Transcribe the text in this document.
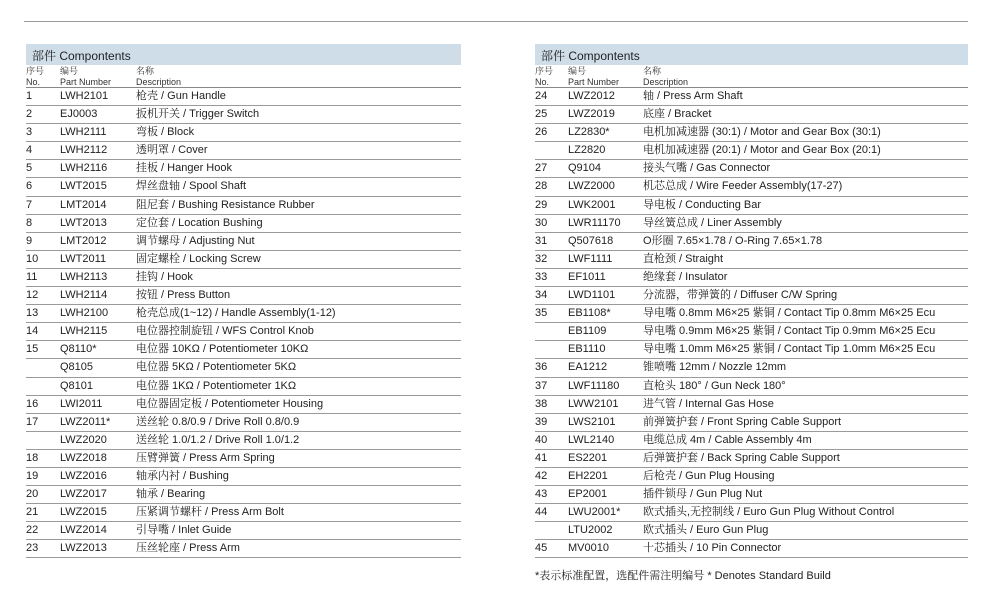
部件 Compontents
序号
No.
编号
Part Number
名称
Description
1	LWH2101	枪壳 / Gun Handle
2	EJ0003	扳机开关 / Trigger Switch
3	LWH2111	弯板 / Block
4	LWH2112	透明罩 / Cover
5	LWH2116	挂板 / Hanger Hook
6	LWT2015	焊丝盘轴 / Spool Shaft
7	LMT2014	阻尼套 / Bushing Resistance Rubber
8	LWT2013	定位套 / Location Bushing
9	LMT2012	调节螺母 / Adjusting Nut
10 LWT2011	固定螺栓 / Locking Screw
11 LWH2113	挂钩 / Hook
12 LWH2114	按钮 / Press Button
13 LWH2100	枪壳总成(1~12) / Handle Assembly(1-12)
14 LWH2115	电位器控制旋钮 / WFS Control Knob
15 Q8110*	电位器 10KΩ / Potentiometer 10KΩ
Q8105	电位器 5KΩ / Potentiometer 5KΩ
Q8101	电位器 1KΩ / Potentiometer 1KΩ
16 LWI2011	电位器固定板 / Potentiometer Housing
17 LWZ2011* 送丝轮 0.8/0.9 / Drive Roll 0.8/0.9
LWZ2020	送丝轮 1.0/1.2 / Drive Roll 1.0/1.2
18 LWZ2018	压臂弹簧 / Press Arm Spring
19 LWZ2016	轴承内衬 / Bushing
20 LWZ2017	轴承 / Bearing
21 LWZ2015	压紧调节螺杆 / Press Arm Bolt
22 LWZ2014	引导嘴 / Inlet Guide
23 LWZ2013	压丝轮座 / Press Arm
部件 Compontents
序号
No.
编号
Part Number
名称
Description
24 LWZ2012	轴 / Press Arm Shaft
25 LWZ2019	底座 / Bracket
26 LZ2830*	电机加减速器 (30:1) / Motor and Gear Box (30:1)
LZ2820	电机加减速器 (20:1) / Motor and Gear Box (20:1)
27 Q9104	接头气嘴 / Gas Connector
28 LWZ2000	机芯总成 / Wire Feeder Assembly(17-27)
29 LWK2001	导电板 / Conducting Bar
30 LWR11170 导丝簧总成 / Liner Assembly
31 Q507618	O形圈 7.65×1.78 / O-Ring 7.65×1.78
32 LWF1111	直枪颈 / Straight
33 EF1011	绝缘套 / Insulator
34 LWD1101	分流器，带弹簧的 / Diffuser C/W Spring
35 EB1108*	导电嘴 0.8mm M6×25 紫铜 / Contact Tip 0.8mm M6×25 Ecu
EB1109	导电嘴 0.9mm M6×25 紫铜 / Contact Tip 0.9mm M6×25 Ecu
EB1110	导电嘴 1.0mm M6×25 紫铜 / Contact Tip 1.0mm M6×25 Ecu
36 EA1212	锥喷嘴 12mm / Nozzle 12mm
37 LWF11180 直枪头 180° / Gun Neck 180°
38 LWW2101 进气管 / Internal Gas Hose
39 LWS2101	前弹簧护套 / Front Spring Cable Support
40 LWL2140	电缆总成 4m / Cable Assembly 4m
41 ES2201	后弹簧护套 / Back Spring Cable Support
42 EH2201	后枪壳 / Gun Plug Housing
43 EP2001	插件锁母 / Gun Plug Nut
44 LWU2001* 欧式插头,无控制线 / Euro Gun Plug Without Control
LTU2002	欧式插头 / Euro Gun Plug
45 MV0010	十芯插头 / 10 Pin Connector
*表示标准配置，选配件需注明编号 * Denotes Standard Build
